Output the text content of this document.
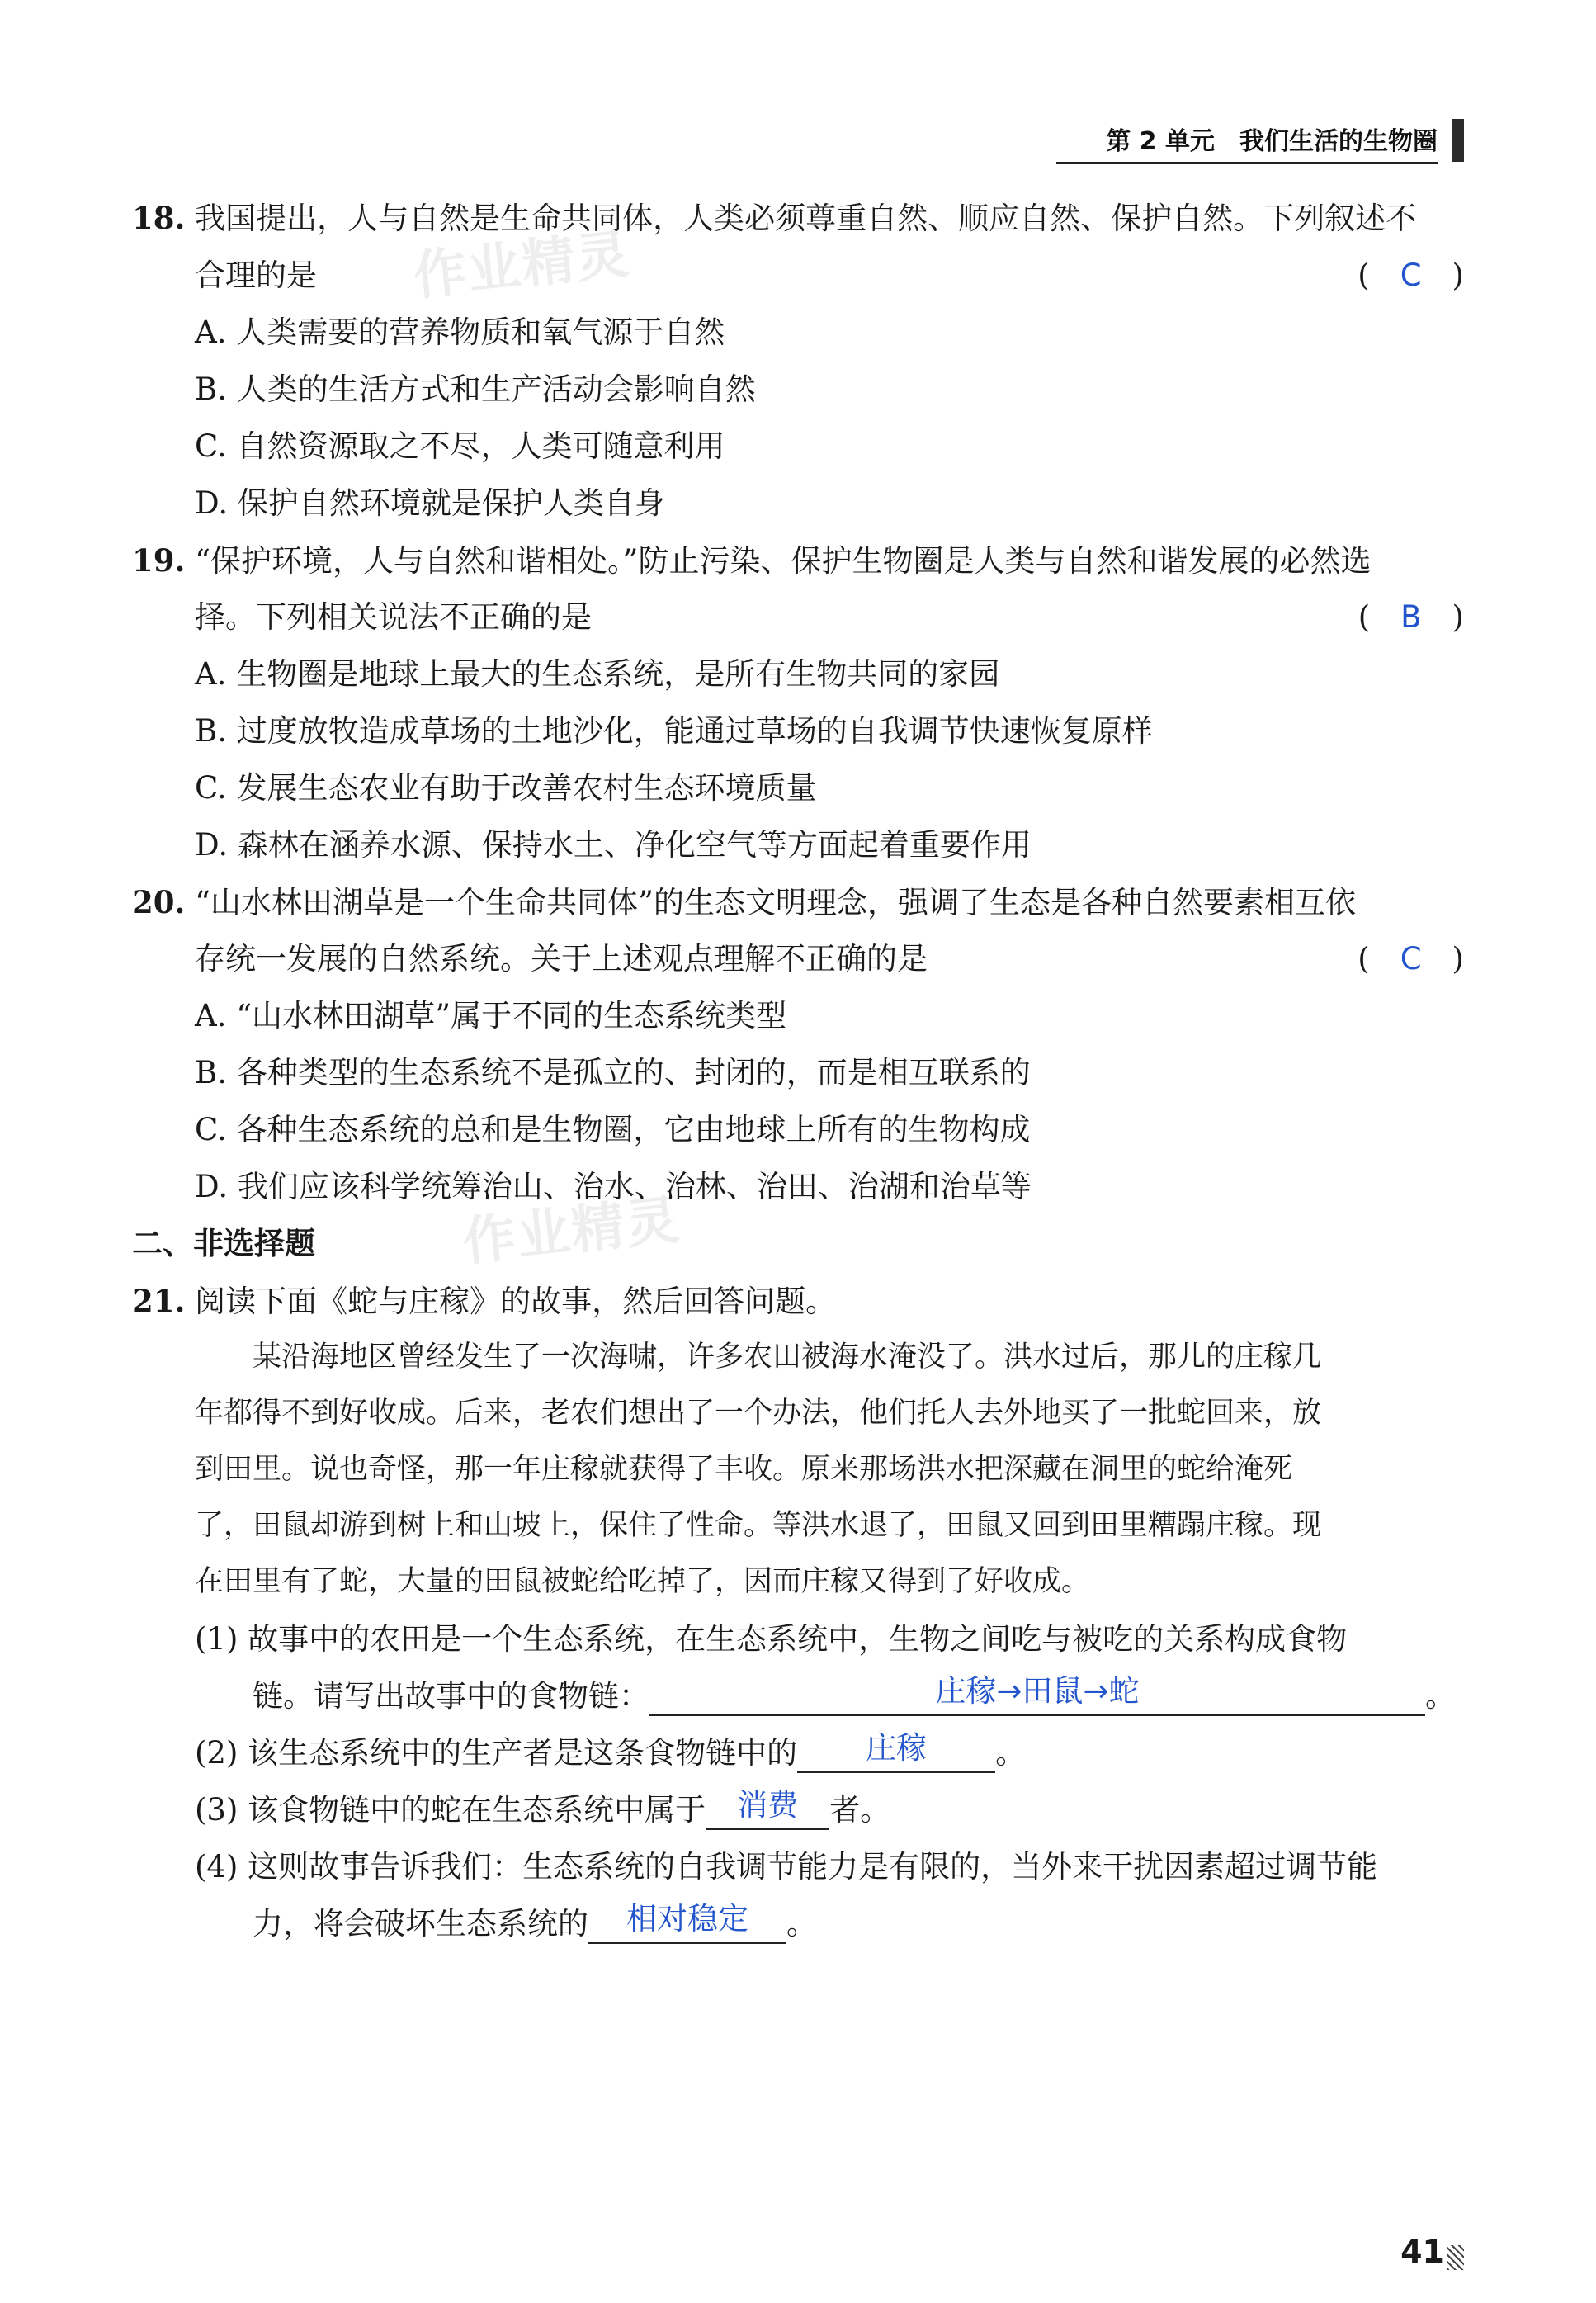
第 2 单元　我们生活的生物圈
作业精灵
作业精灵
18. 我国提出，人与自然是生命共同体，人类必须尊重自然、顺应自然、保护自然。下列叙述不
合理的是	(　C　)
A. 人类需要的营养物质和氧气源于自然
B. 人类的生活方式和生产活动会影响自然
C. 自然资源取之不尽，人类可随意利用
D. 保护自然环境就是保护人类自身
19. “保护环境，人与自然和谐相处。”防止污染、保护生物圈是人类与自然和谐发展的必然选
择。下列相关说法不正确的是	(　B　)
A. 生物圈是地球上最大的生态系统，是所有生物共同的家园
B. 过度放牧造成草场的土地沙化，能通过草场的自我调节快速恢复原样
C. 发展生态农业有助于改善农村生态环境质量
D. 森林在涵养水源、保持水土、净化空气等方面起着重要作用
20. “山水林田湖草是一个生命共同体”的生态文明理念，强调了生态是各种自然要素相互依
存统一发展的自然系统。关于上述观点理解不正确的是	(　C　)
A. “山水林田湖草”属于不同的生态系统类型
B. 各种类型的生态系统不是孤立的、封闭的，而是相互联系的
C. 各种生态系统的总和是生物圈，它由地球上所有的生物构成
D. 我们应该科学统筹治山、治水、治林、治田、治湖和治草等
二、非选择题
21. 阅读下面《蛇与庄稼》的故事，然后回答问题。
某沿海地区曾经发生了一次海啸，许多农田被海水淹没了。洪水过后，那儿的庄稼几
年都得不到好收成。后来，老农们想出了一个办法，他们托人去外地买了一批蛇回来，放
到田里。说也奇怪，那一年庄稼就获得了丰收。原来那场洪水把深藏在洞里的蛇给淹死
了，田鼠却游到树上和山坡上，保住了性命。等洪水退了，田鼠又回到田里糟蹋庄稼。现
在田里有了蛇，大量的田鼠被蛇给吃掉了，因而庄稼又得到了好收成。
(1) 故事中的农田是一个生态系统，在生态系统中，生物之间吃与被吃的关系构成食物
链。请写出故事中的食物链：	庄稼→田鼠→蛇	。
(2) 该生态系统中的生产者是这条食物链中的	庄稼	。
(3) 该食物链中的蛇在生态系统中属于	消费	者。
(4) 这则故事告诉我们：生态系统的自我调节能力是有限的，当外来干扰因素超过调节能
力，将会破坏生态系统的	相对稳定	。
41
